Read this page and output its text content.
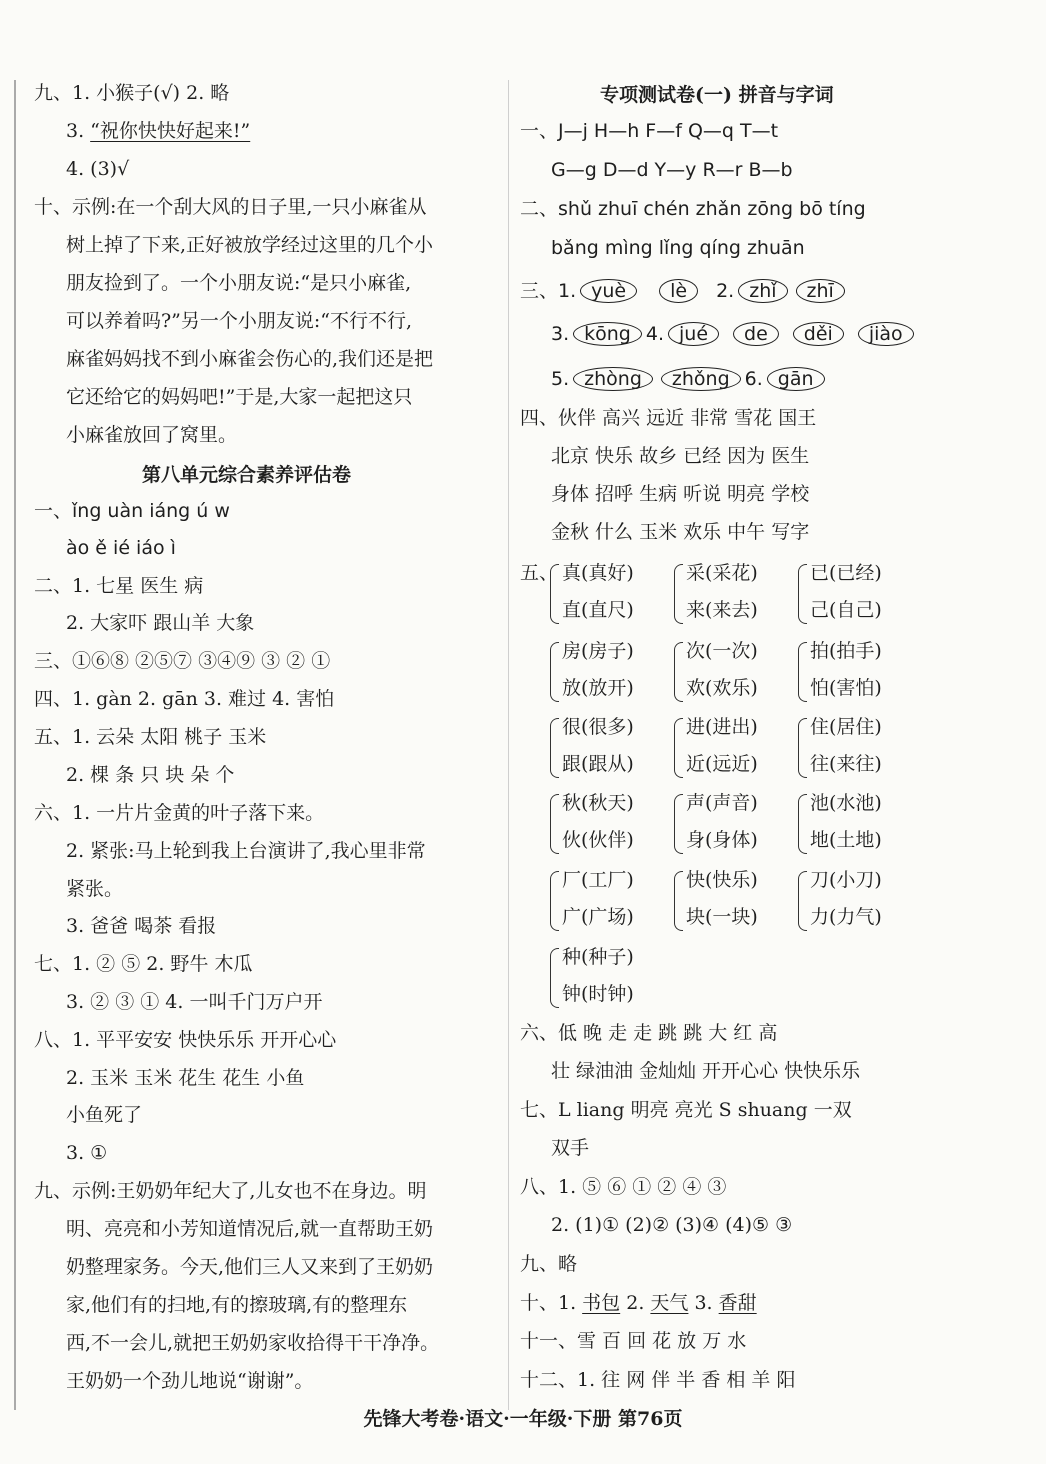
九、1. 小猴子(√) 2. 略
3. “祝你快快好起来!”
4. (3)√
十、示例:在一个刮大风的日子里,一只小麻雀从
树上掉了下来,正好被放学经过这里的几个小
朋友捡到了。一个小朋友说:“是只小麻雀,
可以养着吗?”另一个小朋友说:“不行不行,
麻雀妈妈找不到小麻雀会伤心的,我们还是把
它还给它的妈妈吧!”于是,大家一起把这只
小麻雀放回了窝里。
第八单元综合素养评估卷
一、ǐng uàn iáng ú w
ào ě ié iáo ì
二、1. 七星 医生 病
2. 大家吓 跟山羊 大象
三、①⑥⑧ ②⑤⑦ ③④⑨ ③ ② ①
四、1. gàn 2. gān 3. 难过 4. 害怕
五、1. 云朵 太阳 桃子 玉米
2. 棵 条 只 块 朵 个
六、1. 一片片金黄的叶子落下来。
2. 紧张:马上轮到我上台演讲了,我心里非常
紧张。
3. 爸爸 喝茶 看报
七、1. ② ⑤ 2. 野牛 木瓜
3. ② ③ ① 4. 一叫千门万户开
八、1. 平平安安 快快乐乐 开开心心
2. 玉米 玉米 花生 花生 小鱼
小鱼死了
3. ①
九、示例:王奶奶年纪大了,儿女也不在身边。明
明、亮亮和小芳知道情况后,就一直帮助王奶
奶整理家务。今天,他们三人又来到了王奶奶
家,他们有的扫地,有的擦玻璃,有的整理东
西,不一会儿,就把王奶奶家收拾得干干净净。
王奶奶一个劲儿地说“谢谢”。
专项测试卷(一) 拼音与字词
一、J—j H—h F—f Q—q T—t
G—g D—d Y—y R—r B—b
二、shǔ zhuī chén zhǎn zōng bō tíng
bǎng mìng lǐng qíng zhuān
三、1. yuè lè 2. zhǐ zhī
3. kōng 4. jué de děi jiào
5. zhòng zhǒng 6. gān
四、伙伴 高兴 远近 非常 雪花 国王
北京 快乐 故乡 已经 因为 医生
身体 招呼 生病 听说 明亮 学校
金秋 什么 玉米 欢乐 中午 写字
五、 真(真好)
直(直尺)
采(采花)
来(来去)
已(已经)
己(自己)
房(房子)
放(放开)
次(一次)
欢(欢乐)
拍(拍手)
怕(害怕)
很(很多)
跟(跟从)
进(进出)
近(远近)
住(居住)
往(来往)
秋(秋天)
伙(伙伴)
声(声音)
身(身体)
池(水池)
地(土地)
厂(工厂)
广(广场)
快(快乐)
块(一块)
刀(小刀)
力(力气)
种(种子)
钟(时钟)
六、低 晚 走 走 跳 跳 大 红 高
壮 绿油油 金灿灿 开开心心 快快乐乐
七、L liang 明亮 亮光 S shuang 一双
双手
八、1. ⑤ ⑥ ① ② ④ ③
2. (1)① (2)② (3)④ (4)⑤ ③
九、略
十、1. 书包 2. 天气 3. 香甜
十一、雪 百 回 花 放 万 水
十二、1. 往 网 伴 半 香 相 羊 阳
先锋大考卷·语文·一年级·下册 第76页
